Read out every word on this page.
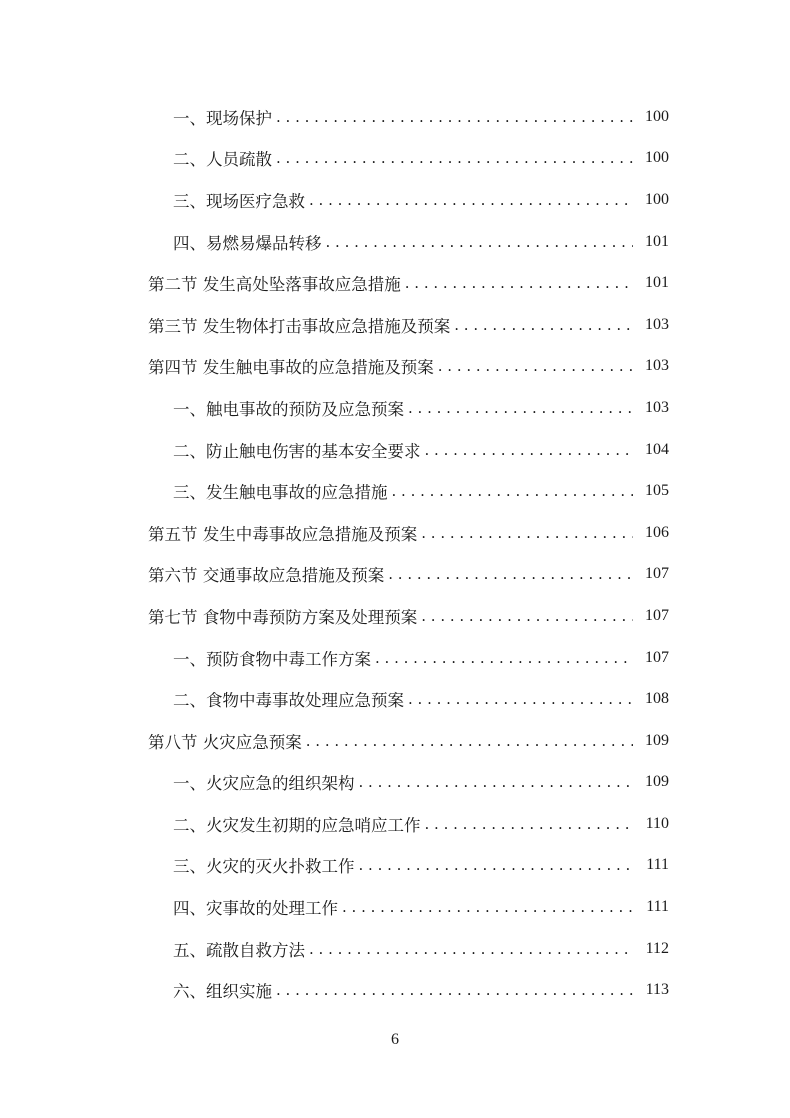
一、现场保护 . . .	100
二、人员疏散 . . .	100
三、现场医疗急救 . . .	100
四、易燃易爆品转移 . . .	101
第二节 发生高处坠落事故应急措施 . . .	101
第三节 发生物体打击事故应急措施及预案 . . .	103
第四节 发生触电事故的应急措施及预案 . . .	103
一、触电事故的预防及应急预案 . . .	103
二、防止触电伤害的基本安全要求 . . .	104
三、发生触电事故的应急措施 . . .	105
第五节 发生中毒事故应急措施及预案 . . .	106
第六节 交通事故应急措施及预案 . . .	107
第七节 食物中毒预防方案及处理预案 . . .	107
一、预防食物中毒工作方案 . . .	107
二、食物中毒事故处理应急预案 . . .	108
第八节 火灾应急预案 . . .	109
一、火灾应急的组织架构 . . .	109
二、火灾发生初期的应急哨应工作 . . .	110
三、火灾的灭火扑救工作 . . .	111
四、灾事故的处理工作 . . .	111
五、疏散自救方法 . . .	112
六、组织实施 . . .	113
6
